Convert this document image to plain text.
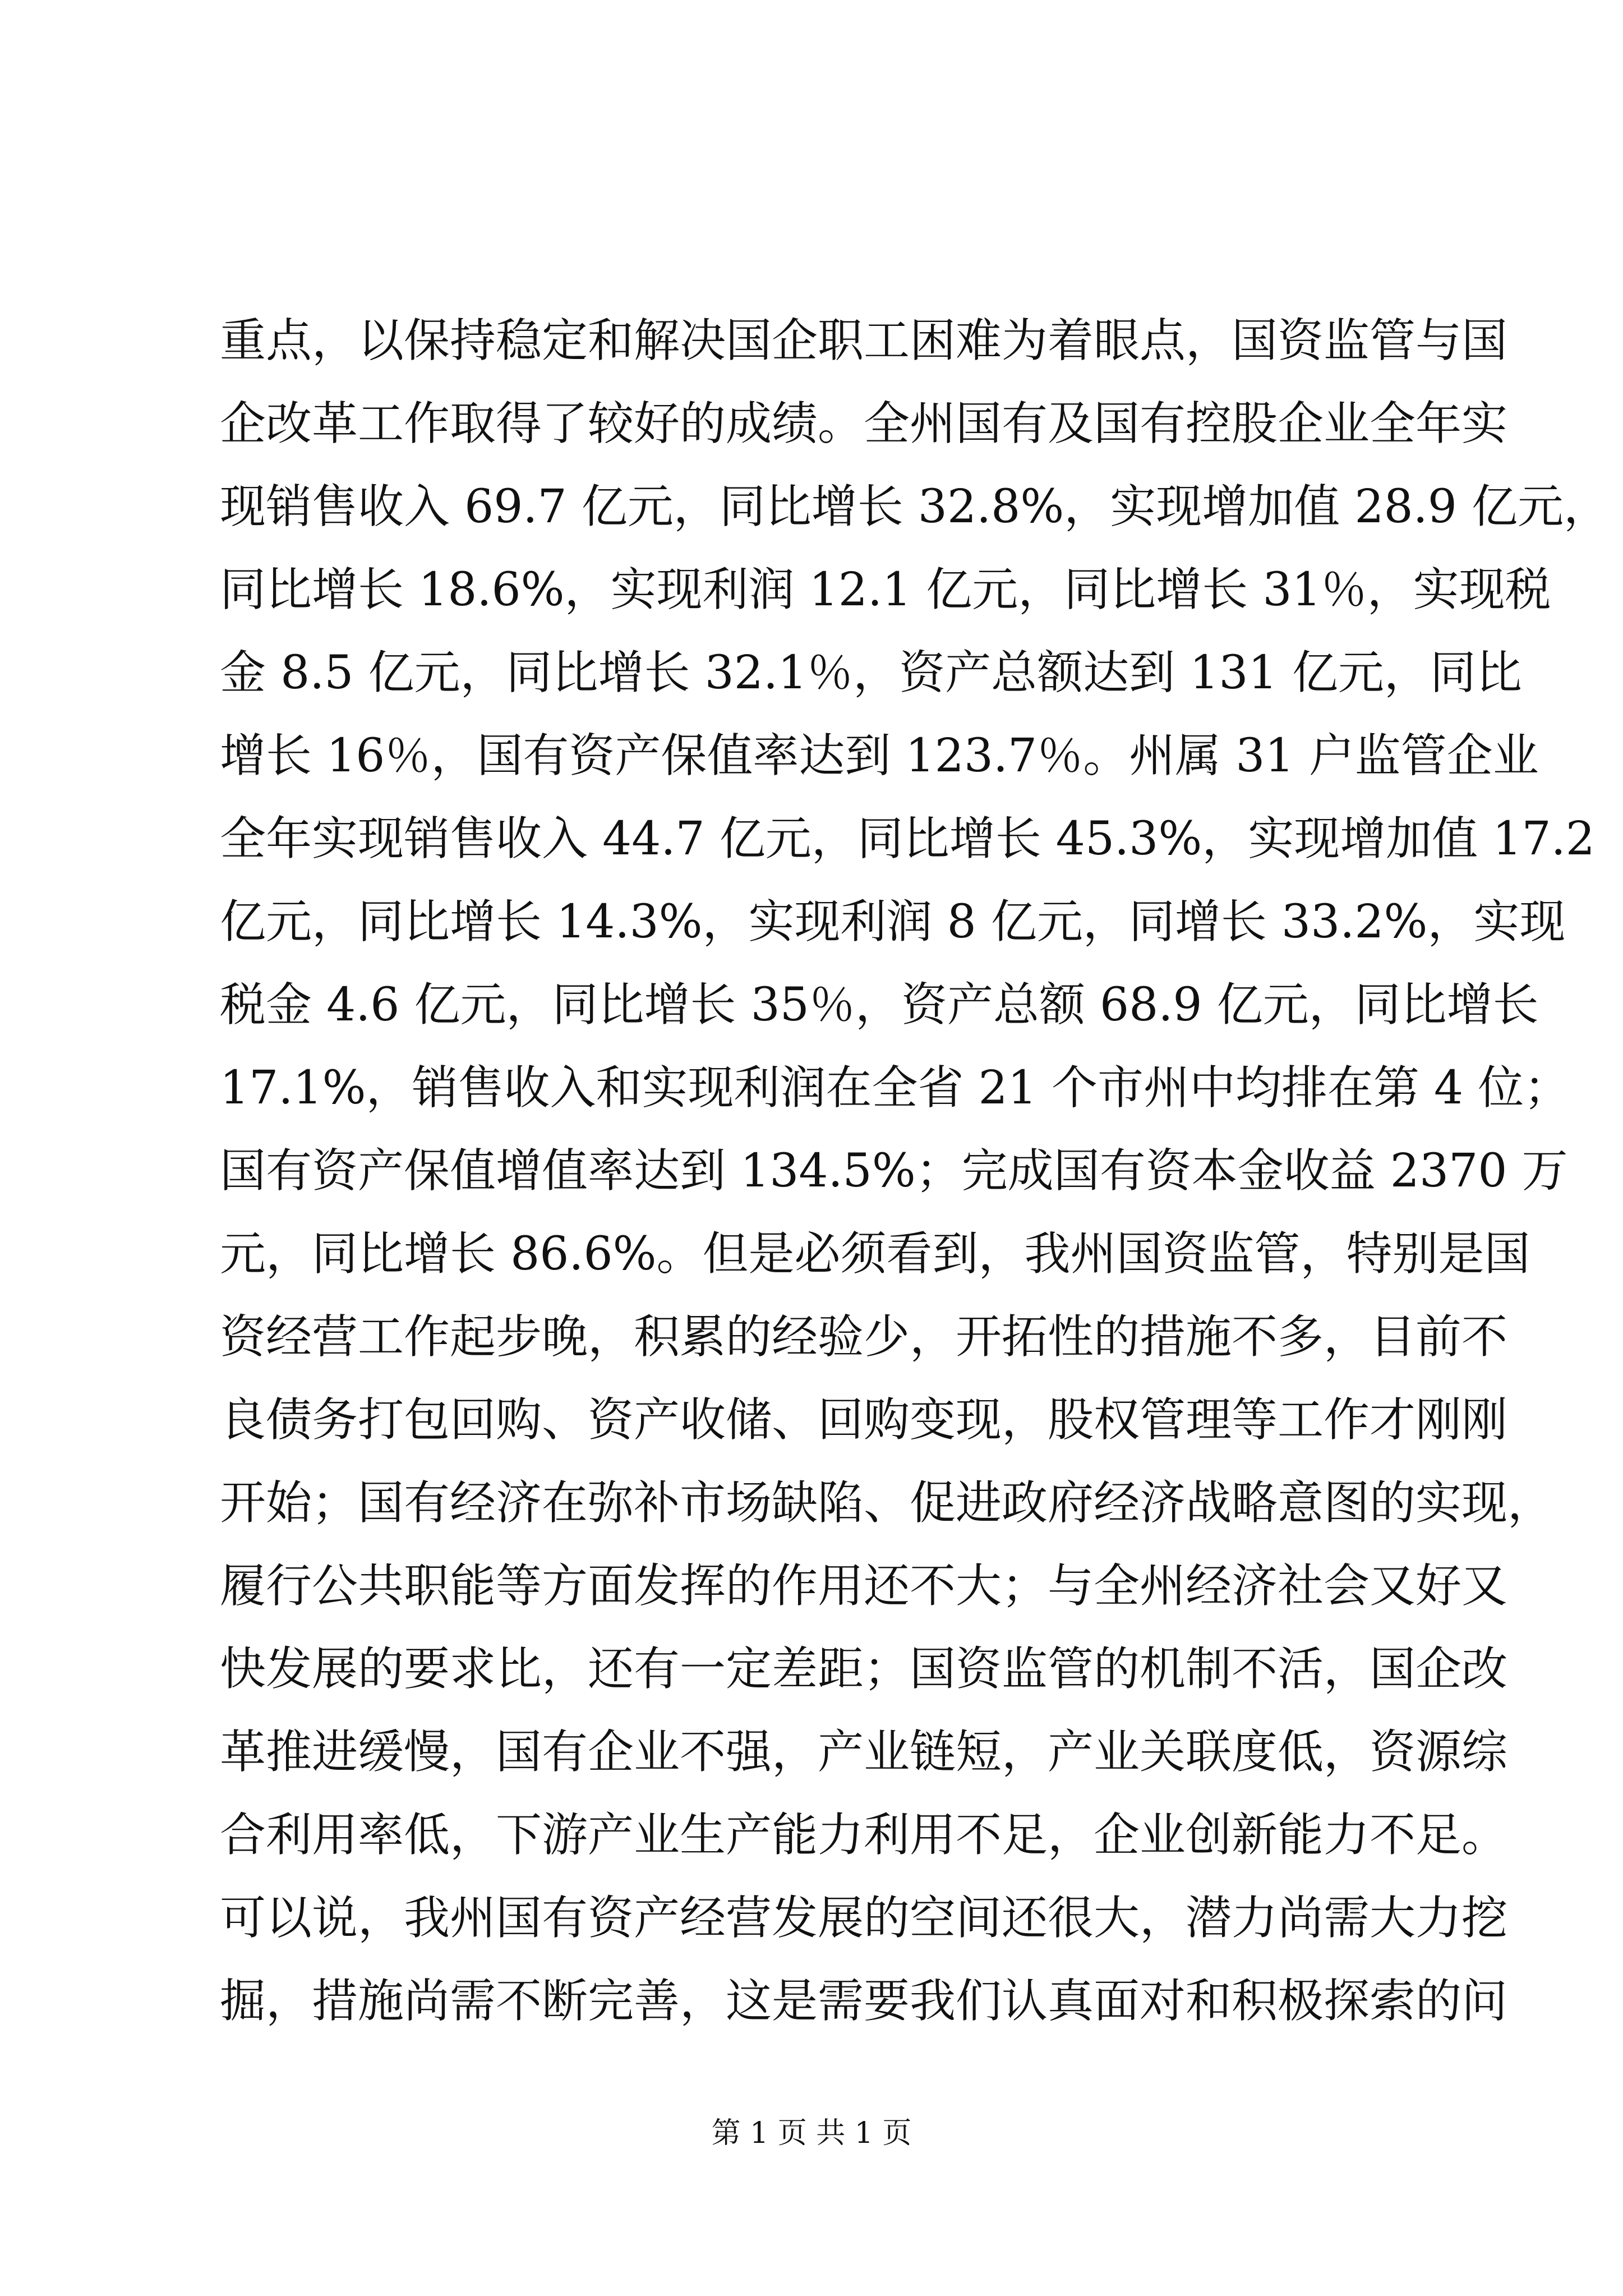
重点，以保持稳定和解决国企职工困难为着眼点，国资监管与国
企改革工作取得了较好的成绩。全州国有及国有控股企业全年实
现销售收入 69.7 亿元，同比增长 32.8%，实现增加值 28.9 亿元，
同比增长 18.6%，实现利润 12.1 亿元，同比增长 31％，实现税
金 8.5 亿元，同比增长 32.1％，资产总额达到 131 亿元，同比
增长 16％，国有资产保值率达到 123.7％。州属 31 户监管企业
全年实现销售收入 44.7 亿元，同比增长 45.3%，实现增加值 17.2
亿元，同比增长 14.3%，实现利润 8 亿元，同增长 33.2%，实现
税金 4.6 亿元，同比增长 35％，资产总额 68.9 亿元，同比增长
17.1%，销售收入和实现利润在全省 21 个市州中均排在第 4 位；
国有资产保值增值率达到 134.5%；完成国有资本金收益 2370 万
元，同比增长 86.6%。但是必须看到，我州国资监管，特别是国
资经营工作起步晚，积累的经验少，开拓性的措施不多，目前不
良债务打包回购、资产收储、回购变现，股权管理等工作才刚刚
开始；国有经济在弥补市场缺陷、促进政府经济战略意图的实现，
履行公共职能等方面发挥的作用还不大；与全州经济社会又好又
快发展的要求比，还有一定差距；国资监管的机制不活，国企改
革推进缓慢，国有企业不强，产业链短，产业关联度低，资源综
合利用率低，下游产业生产能力利用不足，企业创新能力不足。
可以说，我州国有资产经营发展的空间还很大，潜力尚需大力挖
掘，措施尚需不断完善，这是需要我们认真面对和积极探索的问
第 1 页 共 1 页
